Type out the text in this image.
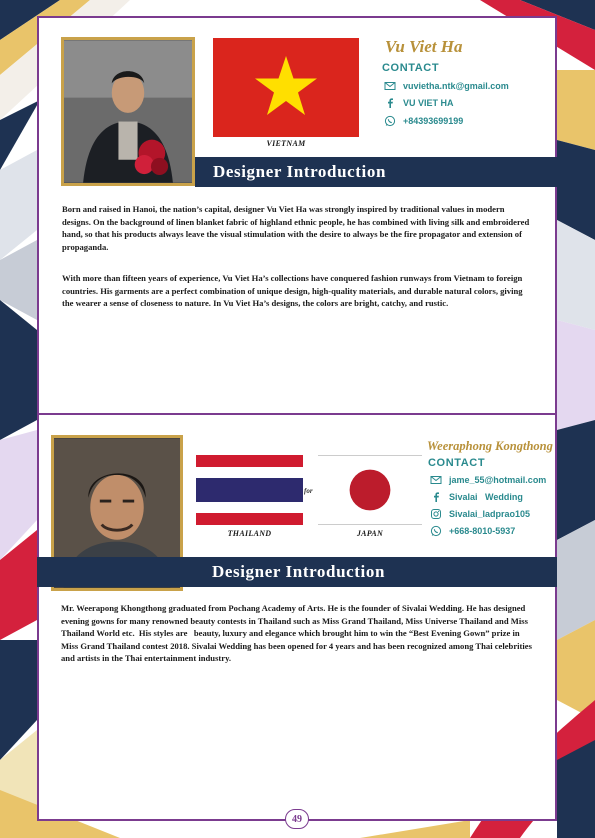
VIETNAM
Vu Viet Ha
CONTACT
vuvietha.ntk@gmail.com
VU VIET HA
+84393699199
Designer Introduction

Born and raised in Hanoi, the nation’s capital, designer Vu Viet Ha was strongly inspired by traditional values in modern designs. On the background of linen blanket fabric of highland ethnic people, he has combined with living silk and embroidered hand, so that his products always leave the visual stimulation with the desire to always be the fire propagator and extension of propaganda.

With more than fifteen years of experience, Vu Viet Ha’s collections have conquered fashion runways from Vietnam to foreign countries. His garments are a perfect combination of unique design, high-quality materials, and durable natural colors, giving the wearer a sense of closeness to nature. In Vu Viet Ha’s designs, the colors are bright, catchy, and rustic.

THAILAND
for
JAPAN
Weeraphong Kongthong
CONTACT
jame_55@hotmail.com
Sivalai   Wedding
Sivalai_ladprao105
+668-8010-5937
Designer Introduction

Mr. Weerapong Khongthong graduated from Pochang Academy of Arts. He is the founder of Sivalai Wedding. He has designed evening gowns for many renowned beauty contests in Thailand such as Miss Grand Thailand, Miss Universe Thailand and Miss Thailand World etc.  His styles are   beauty, luxury and elegance which brought him to win the “Best Evening Gown” prize in Miss Grand Thailand contest 2018. Sivalai Wedding has been opened for 4 years and has been recognized among Thai celebrities and artists in the Thai entertainment industry.

49
